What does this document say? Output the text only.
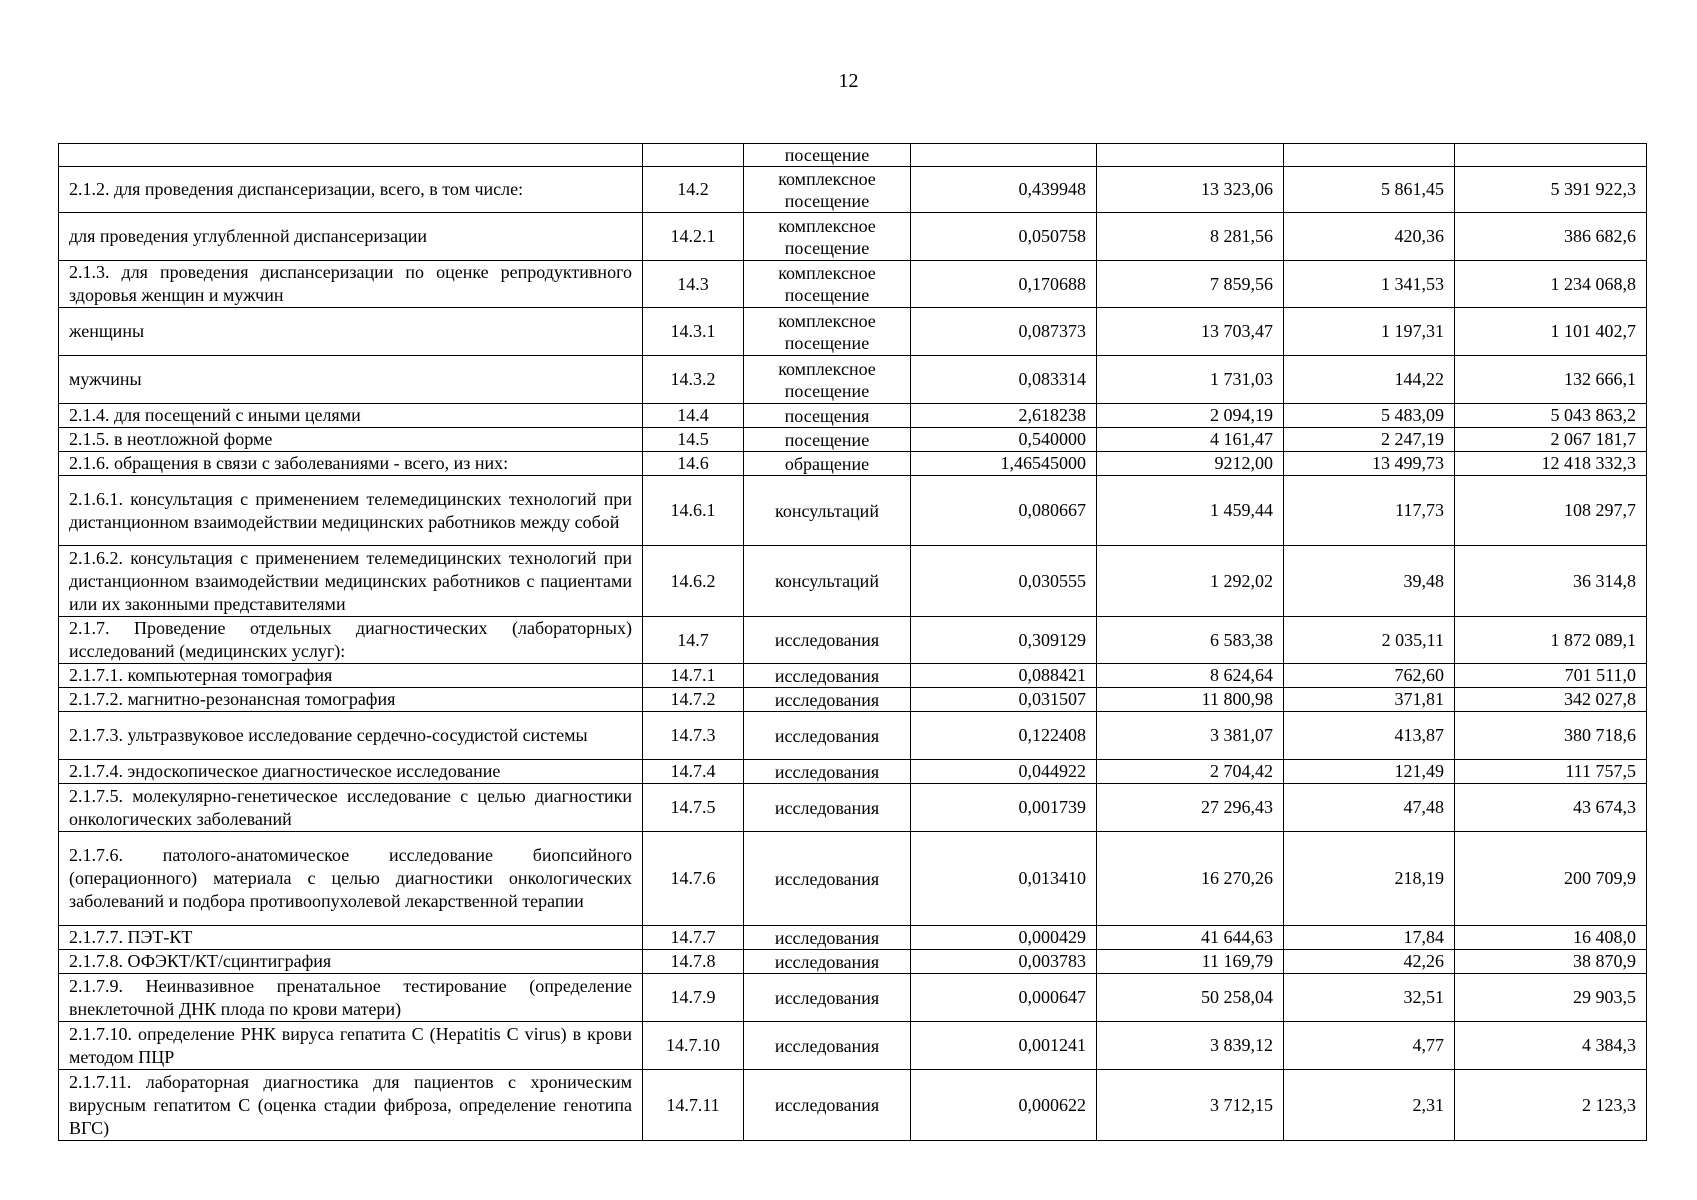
12
		посещение				
2.1.2. для проведения диспансеризации, всего, в том числе:	14.2	комплексное посещение	0,439948	13 323,06	5 861,45	5 391 922,3
для проведения углубленной диспансеризации	14.2.1	комплексное посещение	0,050758	8 281,56	420,36	386 682,6
2.1.3. для проведения диспансеризации по оценке репродуктивного здоровья женщин и мужчин	14.3	комплексное посещение	0,170688	7 859,56	1 341,53	1 234 068,8
женщины	14.3.1	комплексное посещение	0,087373	13 703,47	1 197,31	1 101 402,7
мужчины	14.3.2	комплексное посещение	0,083314	1 731,03	144,22	132 666,1
2.1.4. для посещений с иными целями	14.4	посещения	2,618238	2 094,19	5 483,09	5 043 863,2
2.1.5. в неотложной форме	14.5	посещение	0,540000	4 161,47	2 247,19	2 067 181,7
2.1.6. обращения в связи с заболеваниями - всего, из них:	14.6	обращение	1,46545000	9212,00	13 499,73	12 418 332,3
2.1.6.1. консультация с применением телемедицинских технологий при дистанционном взаимодействии медицинских работников между собой	14.6.1	консультаций	0,080667	1 459,44	117,73	108 297,7
2.1.6.2. консультация с применением телемедицинских технологий при дистанционном взаимодействии медицинских работников с пациентами или их законными представителями	14.6.2	консультаций	0,030555	1 292,02	39,48	36 314,8
2.1.7. Проведение отдельных диагностических (лабораторных) исследований (медицинских услуг):	14.7	исследования	0,309129	6 583,38	2 035,11	1 872 089,1
2.1.7.1. компьютерная томография	14.7.1	исследования	0,088421	8 624,64	762,60	701 511,0
2.1.7.2. магнитно-резонансная томография	14.7.2	исследования	0,031507	11 800,98	371,81	342 027,8
2.1.7.3. ультразвуковое исследование сердечно-сосудистой системы	14.7.3	исследования	0,122408	3 381,07	413,87	380 718,6
2.1.7.4. эндоскопическое диагностическое исследование	14.7.4	исследования	0,044922	2 704,42	121,49	111 757,5
2.1.7.5. молекулярно-генетическое исследование с целью диагностики онкологических заболеваний	14.7.5	исследования	0,001739	27 296,43	47,48	43 674,3
2.1.7.6. патолого-анатомическое исследование биопсийного (операционного) материала с целью диагностики онкологических заболеваний и подбора противоопухолевой лекарственной терапии	14.7.6	исследования	0,013410	16 270,26	218,19	200 709,9
2.1.7.7. ПЭТ-КТ	14.7.7	исследования	0,000429	41 644,63	17,84	16 408,0
2.1.7.8. ОФЭКТ/КТ/сцинтиграфия	14.7.8	исследования	0,003783	11 169,79	42,26	38 870,9
2.1.7.9. Неинвазивное пренатальное тестирование (определение внеклеточной ДНК плода по крови матери)	14.7.9	исследования	0,000647	50 258,04	32,51	29 903,5
2.1.7.10. определение РНК вируса гепатита C (Hepatitis C virus) в крови методом ПЦР	14.7.10	исследования	0,001241	3 839,12	4,77	4 384,3
2.1.7.11. лабораторная диагностика для пациентов с хроническим вирусным гепатитом С (оценка стадии фиброза, определение генотипа ВГС)	14.7.11	исследования	0,000622	3 712,15	2,31	2 123,3
